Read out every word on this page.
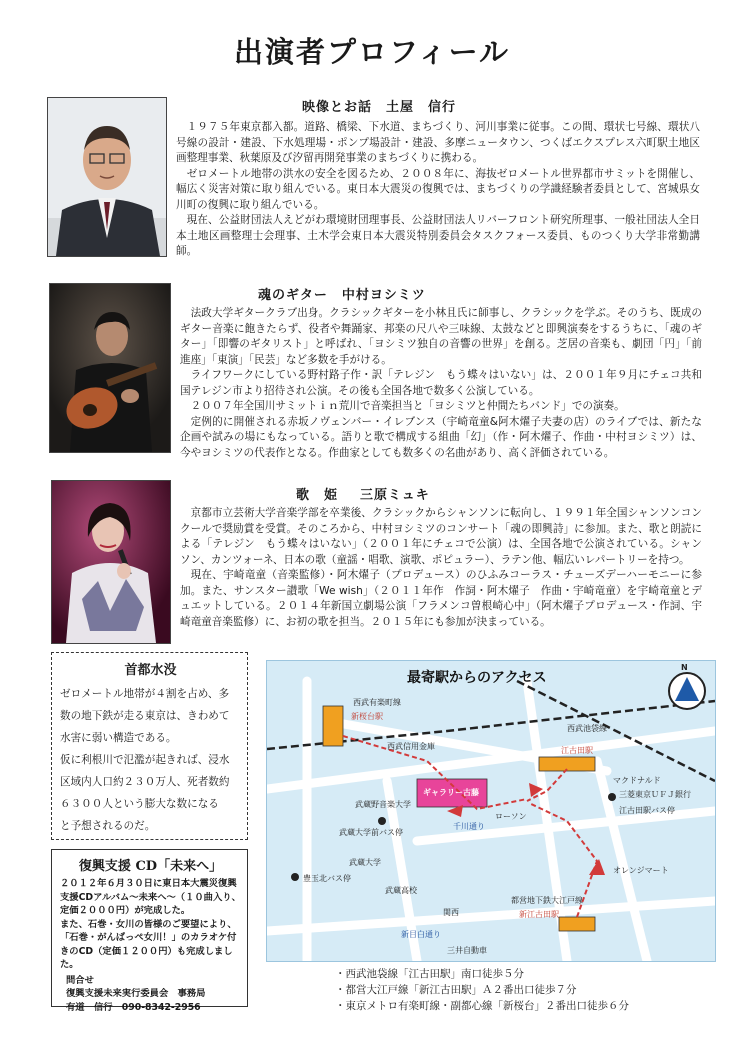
出演者プロフィール
映像とお話 土屋　信行

１９７５年東京都入都。道路、橋梁、下水道、まちづくり、河川事業に従事。この間、環状七号線、環状八号線の設計・建設、下水処理場・ポンプ場設計・建設、多摩ニュータウン、つくばエクスプレス六町駅土地区画整理事業、秋葉原及び汐留再開発事業のまちづくりに携わる。

ゼロメートル地帯の洪水の安全を図るため、２００８年に、海抜ゼロメートル世界都市サミットを開催し、幅広く災害対策に取り組んでいる。東日本大震災の復興では、まちづくりの学識経験者委員として、宮城県女川町の復興に取り組んでいる。

現在、公益財団法人えどがわ環境財団理事長、公益財団法人リバーフロント研究所理事、一般社団法人全日本土地区画整理士会理事、土木学会東日本大震災特別委員会タスクフォース委員、ものつくり大学非常勤講師。

魂のギター 中村ヨシミツ

法政大学ギタークラブ出身。クラシックギターを小林且氏に師事し、クラシックを学ぶ。そのうち、既成のギター音楽に飽きたらず、役者や舞踊家、邦楽の尺八や三味線、太鼓などと即興演奏をするうちに、「魂のギター」「即響のギタリスト」と呼ばれ、「ヨシミツ独自の音響の世界」を創る。芝居の音楽も、劇団「円」「前進座」「東演」「民芸」など多数を手がける。

ライフワークにしている野村路子作・訳「テレジン　もう蝶々はいない」は、２００１年９月にチェコ共和国テレジン市より招待され公演。その後も全国各地で数多く公演している。

２００７年全国川サミットｉｎ荒川で音楽担当と「ヨシミツと仲間たちバンド」での演奏。

定例的に開催される赤坂ノヴェンバー・イレブンス（宇崎竜童&阿木燿子夫妻の店）のライブでは、新たな企画や試みの場にもなっている。語りと歌で構成する組曲「幻」（作・阿木燿子、作曲・中村ヨシミツ）は、今やヨシミツの代表作となる。作曲家としても数多くの名曲があり、高く評価されている。

歌　姫 三原ミュキ

京都市立芸術大学音楽学部を卒業後、クラシックからシャンソンに転向し、１９９１年全国シャンソンコンクールで奨励賞を受賞。そのころから、中村ヨシミツのコンサート「魂の即興詩」に参加。また、歌と朗読による「テレジン　もう蝶々はいない」（２００１年にチェコで公演）は、全国各地で公演されている。シャンソン、カンツォーネ、日本の歌（童謡・唱歌、演歌、ポピュラー）、ラテン他、幅広いレパートリーを持つ。

現在、宇崎竜童（音楽監修）・阿木燿子（プロデュース）のひふみコーラス・チューズデーハーモニーに参加。また、サンスター讃歌「We wish」（２０１１年作　作詞・阿木燿子　作曲・宇崎竜童）を宇崎竜童とデュエットしている。２０１４年新国立劇場公演「フラメンコ曽根崎心中」（阿木燿子プロデュース・作詞、宇崎竜童音楽監修）に、お初の歌を担当。２０１５年にも参加が決まっている。

首都水没
ゼロメートル地帯が４割を占め、多
数の地下鉄が走る東京は、きわめて
水害に弱い構造である。
仮に利根川で氾濫が起きれば、浸水
区域内人口約２３０万人、死者数約
６３００人という膨大な数になる
と予想されるのだ。
復興支援 CD「未来へ」

２０１２年６月３０日に東日本大震災復興支援CDアルバム～未来へ～（１０曲入り、定価２０００円）が完成した。

また、石巻・女川の皆様のご要望により、「石巻・がんばっぺ女川！」のカラオケ付きのCD（定価１２００円）も完成しました。

問合せ
復興支援未来実行委員会　事務局
有道　信行　090-8342-2956
最寄駅からのアクセス
N
西武有楽町線
新桜台駅
西武信用金庫
西武池袋線
江古田駅
マクドナルド
三菱東京ＵＦＪ銀行
江古田駅バス停
ギャラリー古藤
武蔵野音楽大学
武蔵大学前バス停
武蔵大学
武蔵高校
千川通り
ローソン
新目白通り
豊玉北バス停
オレンジマート
新江古田駅
都営地下鉄大江戸線
関西
三井自動車
・西武池袋線「江古田駅」南口徒歩５分
・都営大江戸線「新江古田駅」Ａ２番出口徒歩７分
・東京メトロ有楽町線・副都心線「新桜台」２番出口徒歩６分
